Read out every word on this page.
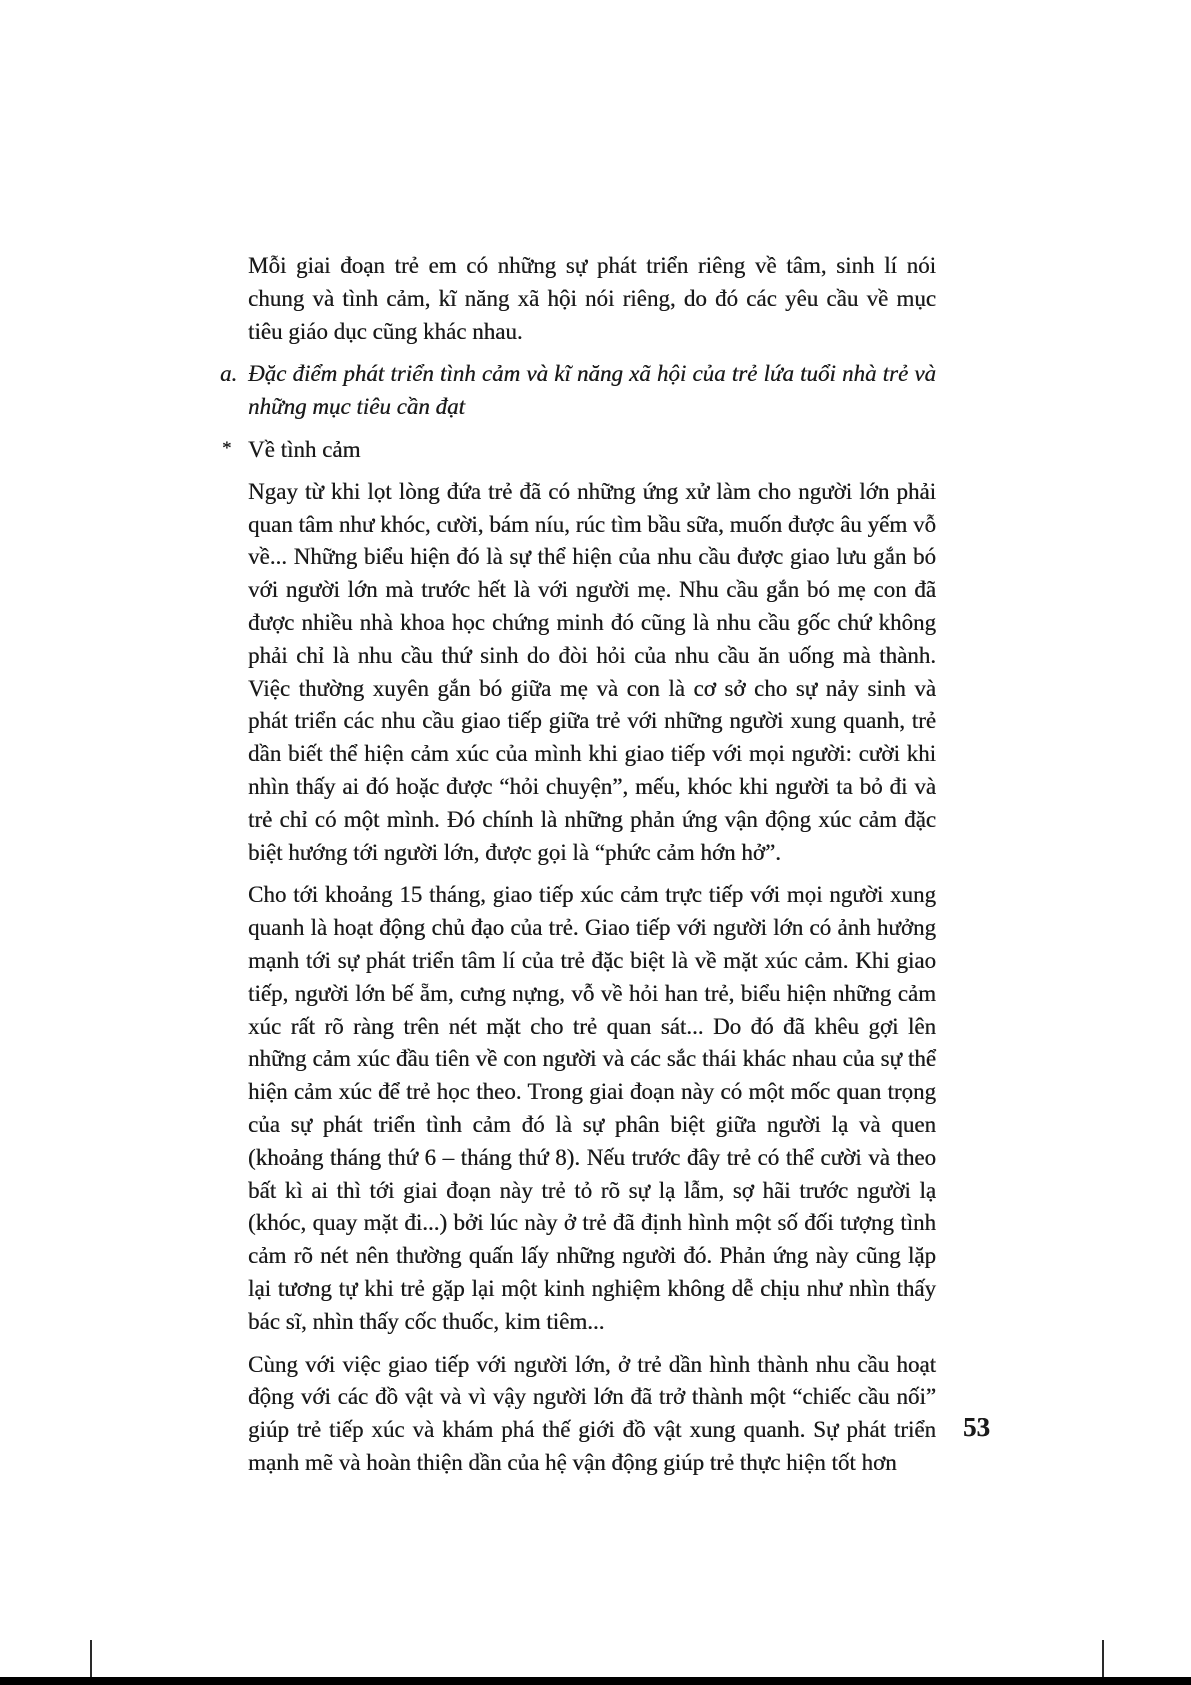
Mỗi giai đoạn trẻ em có những sự phát triển riêng về tâm, sinh lí nói chung và tình cảm, kĩ năng xã hội nói riêng, do đó các yêu cầu về mục tiêu giáo dục cũng khác nhau.

a. Đặc điểm phát triển tình cảm và kĩ năng xã hội của trẻ lứa tuổi nhà trẻ và những mục tiêu cần đạt
* Về tình cảm

Ngay từ khi lọt lòng đứa trẻ đã có những ứng xử làm cho người lớn phải quan tâm như khóc, cười, bám níu, rúc tìm bầu sữa, muốn được âu yếm vỗ về... Những biểu hiện đó là sự thể hiện của nhu cầu được giao lưu gắn bó với người lớn mà trước hết là với người mẹ. Nhu cầu gắn bó mẹ con đã được nhiều nhà khoa học chứng minh đó cũng là nhu cầu gốc chứ không phải chỉ là nhu cầu thứ sinh do đòi hỏi của nhu cầu ăn uống mà thành. Việc thường xuyên gắn bó giữa mẹ và con là cơ sở cho sự nảy sinh và phát triển các nhu cầu giao tiếp giữa trẻ với những người xung quanh, trẻ dần biết thể hiện cảm xúc của mình khi giao tiếp với mọi người: cười khi nhìn thấy ai đó hoặc được “hỏi chuyện”, mếu, khóc khi người ta bỏ đi và trẻ chỉ có một mình. Đó chính là những phản ứng vận động xúc cảm đặc biệt hướng tới người lớn, được gọi là “phức cảm hớn hở”.

Cho tới khoảng 15 tháng, giao tiếp xúc cảm trực tiếp với mọi người xung quanh là hoạt động chủ đạo của trẻ. Giao tiếp với người lớn có ảnh hưởng mạnh tới sự phát triển tâm lí của trẻ đặc biệt là về mặt xúc cảm. Khi giao tiếp, người lớn bế ẵm, cưng nựng, vỗ về hỏi han trẻ, biểu hiện những cảm xúc rất rõ ràng trên nét mặt cho trẻ quan sát... Do đó đã khêu gợi lên những cảm xúc đầu tiên về con người và các sắc thái khác nhau của sự thể hiện cảm xúc để trẻ học theo. Trong giai đoạn này có một mốc quan trọng của sự phát triển tình cảm đó là sự phân biệt giữa người lạ và quen (khoảng tháng thứ 6 – tháng thứ 8). Nếu trước đây trẻ có thể cười và theo bất kì ai thì tới giai đoạn này trẻ tỏ rõ sự lạ lẫm, sợ hãi trước người lạ (khóc, quay mặt đi...) bởi lúc này ở trẻ đã định hình một số đối tượng tình cảm rõ nét nên thường quấn lấy những người đó. Phản ứng này cũng lặp lại tương tự khi trẻ gặp lại một kinh nghiệm không dễ chịu như nhìn thấy bác sĩ, nhìn thấy cốc thuốc, kim tiêm...

Cùng với việc giao tiếp với người lớn, ở trẻ dần hình thành nhu cầu hoạt động với các đồ vật và vì vậy người lớn đã trở thành một “chiếc cầu nối” giúp trẻ tiếp xúc và khám phá thế giới đồ vật xung quanh. Sự phát triển mạnh mẽ và hoàn thiện dần của hệ vận động giúp trẻ thực hiện tốt hơn

53
